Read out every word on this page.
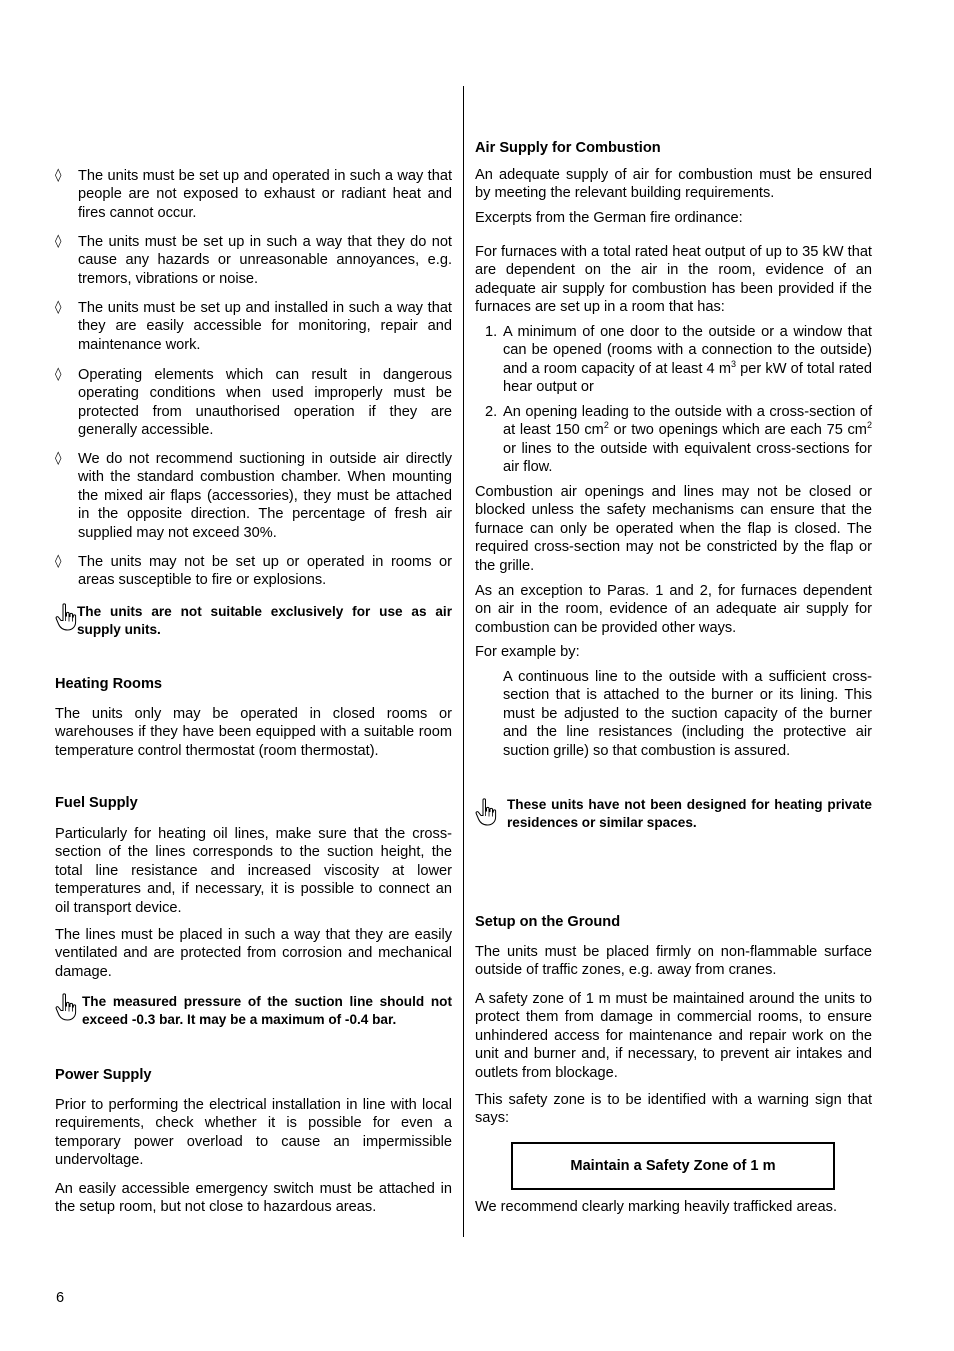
◊ The units must be set up and operated in such a way that people are not exposed to exhaust or radiant heat and fires cannot occur.

◊ The units must be set up in such a way that they do not cause any hazards or unreasonable annoyances, e.g. tremors, vibrations or noise.

◊ The units must be set up and installed in such a way that they are easily accessible for monitoring, repair and maintenance work.

◊ Operating elements which can result in dangerous operating conditions when used improperly must be protected from unauthorised operation if they are generally accessible.

◊ We do not recommend suctioning in outside air directly with the standard combustion chamber. When mounting the mixed air flaps (accessories), they must be attached in the opposite direction. The percentage of fresh air supplied may not exceed 30%.

◊ The units may not be set up or operated in rooms or areas susceptible to fire or explosions.

The units are not suitable exclusively for use as air supply units.

Heating Rooms

The units only may be operated in closed rooms or warehouses if they have been equipped with a suitable room temperature control thermostat (room thermostat).

Fuel Supply

Particularly for heating oil lines, make sure that the cross-section of the lines corresponds to the suction height, the total line resistance and increased viscosity at lower temperatures and, if necessary, it is possible to connect an oil transport device.

The lines must be placed in such a way that they are easily ventilated and are protected from corrosion and mechanical damage.

The measured pressure of the suction line should not exceed -0.3 bar. It may be a maximum of -0.4 bar.

Power Supply

Prior to performing the electrical installation in line with local requirements, check whether it is possible for even a temporary power overload to cause an impermissible undervoltage.

An easily accessible emergency switch must be attached in the setup room, but not close to hazardous areas.

Air Supply for Combustion

An adequate supply of air for combustion must be ensured by meeting the relevant building requirements.

Excerpts from the German fire ordinance:

For furnaces with a total rated heat output of up to 35 kW that are dependent on the air in the room, evidence of an adequate air supply for combustion has been provided if the furnaces are set up in a room that has:

1. A minimum of one door to the outside or a window that can be opened (rooms with a connection to the outside) and a room capacity of at least 4 $m^3$ per kW of total rated hear output or

2. An opening leading to the outside with a cross-section of at least 150 $cm^2$ or two openings which are each 75 $cm^2$ or lines to the outside with equivalent cross-sections for air flow.

Combustion air openings and lines may not be closed or blocked unless the safety mechanisms can ensure that the furnace can only be operated when the flap is closed. The required cross-section may not be constricted by the flap or the grille.

As an exception to Paras. 1 and 2, for furnaces dependent on air in the room, evidence of an adequate air supply for combustion can be provided other ways.

For example by:

A continuous line to the outside with a sufficient cross-section that is attached to the burner or its lining. This must be adjusted to the suction capacity of the burner and the line resistances (including the protective air suction grille) so that combustion is assured.

These units have not been designed for heating private residences or similar spaces.

Setup on the Ground

The units must be placed firmly on non-flammable surface outside of traffic zones, e.g. away from cranes.

A safety zone of 1 m must be maintained around the units to protect them from damage in commercial rooms, to ensure unhindered access for maintenance and repair work on the unit and burner and, if necessary, to prevent air intakes and outlets from blockage.

This safety zone is to be identified with a warning sign that says:

We recommend clearly marking heavily trafficked areas.

Maintain a Safety Zone of 1 m
6
